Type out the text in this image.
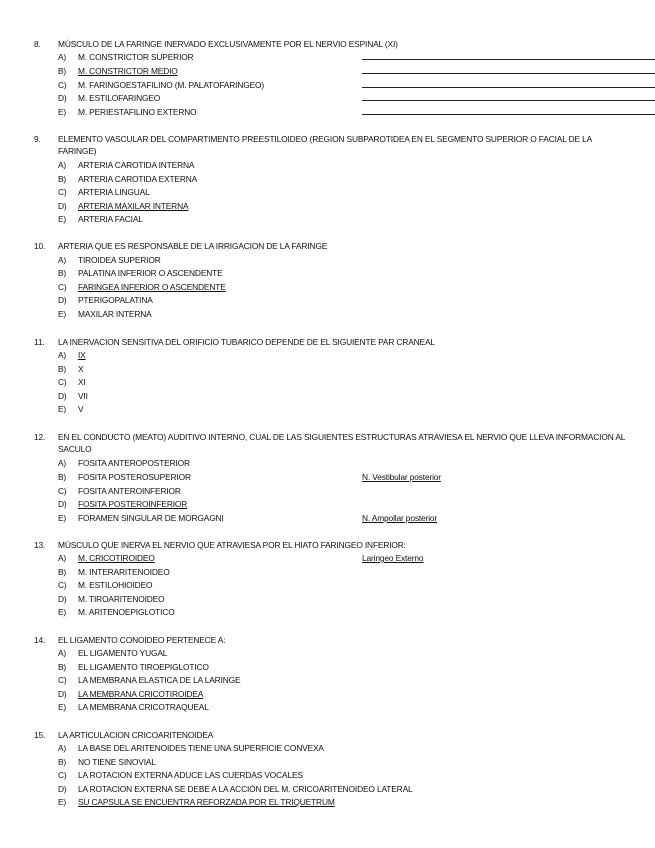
8.	MÚSCULO DE LA FARINGE INERVADO EXCLUSIVAMENTE POR EL NERVIO ESPINAL (XI)
A)	M. CONSTRICTOR SUPERIOR
B)	M. CONSTRICTOR MEDIO
C)	M. FARINGOESTAFILINO (M. PALATOFARINGEO)
D)	M. ESTILOFARINGEO
E)	M. PERIESTAFILINO EXTERNO
9.	ELEMENTO VASCULAR DEL COMPARTIMENTO PREESTILOIDEO (REGION SUBPAROTIDEA EN EL SEGMENTO SUPERIOR O FACIAL DE LA FARINGE)
A)	ARTERIA CAROTIDA INTERNA
B)	ARTERIA CAROTIDA EXTERNA
C)	ARTERIA LINGUAL
D)	ARTERIA MAXILAR INTERNA
E)	ARTERIA FACIAL
10.	ARTERIA QUE ES RESPONSABLE DE LA IRRIGACION DE LA FARINGE
A)	TIROIDEA SUPERIOR
B)	PALATINA INFERIOR O ASCENDENTE
C)	FARINGEA INFERIOR O ASCENDENTE
D)	PTERIGOPALATINA
E)	MAXILAR INTERNA
11.	LA INERVACION SENSITIVA DEL ORIFICIO TUBARICO DEPENDE DE EL SIGUIENTE PAR CRANEAL
A)	IX
B)	X
C)	XI
D)	VII
E)	V
12.	EN EL CONDUCTO (MEATO) AUDITIVO INTERNO, CUAL DE LAS SIGUIENTES ESTRUCTURAS ATRAVIESA EL NERVIO QUE LLEVA INFORMACION AL SACULO
A)	FOSITA ANTEROPOSTERIOR
B)	FOSITA POSTEROSUPERIOR	N. Vestibular posterior
C)	FOSITA ANTEROINFERIOR
D)	FOSITA POSTEROINFERIOR
E)	FORAMEN SINGULAR DE MORGAGNI	N. Ampollar posterior
13.	MÚSCULO QUE INERVA EL NERVIO QUE ATRAVIESA POR EL HIATO FARINGEO INFERIOR:
A)	M. CRICOTIROIDEO	Laringeo Externo
B)	M. INTERARITENOIDEO
C)	M. ESTILOHIOIDEO
D)	M. TIROARITENOIDEO
E)	M. ARITENOEPIGLOTICO
14.	EL LIGAMENTO CONOIDEO PERTENECE A:
A)	EL LIGAMENTO YUGAL
B)	EL LIGAMENTO TIROEPIGLOTICO
C)	LA MEMBRANA ELASTICA DE LA LARINGE
D)	LA MEMBRANA CRICOTIROIDEA
E)	LA MEMBRANA CRICOTRAQUEAL
15.	LA ARTICULACION CRICOARITENOIDEA
A)	LA BASE DEL ARITENOIDES TIENE UNA SUPERFICIE CONVEXA
B)	NO TIENE SINOVIAL
C)	LA ROTACION EXTERNA ADUCE LAS CUERDAS VOCALES
D)	LA ROTACION EXTERNA SE DEBE A LA ACCIÓN DEL M. CRICOARITENOIDEO LATERAL
E)	SU CAPSULA SE ENCUENTRA REFORZADA POR EL TRIQUETRUM
